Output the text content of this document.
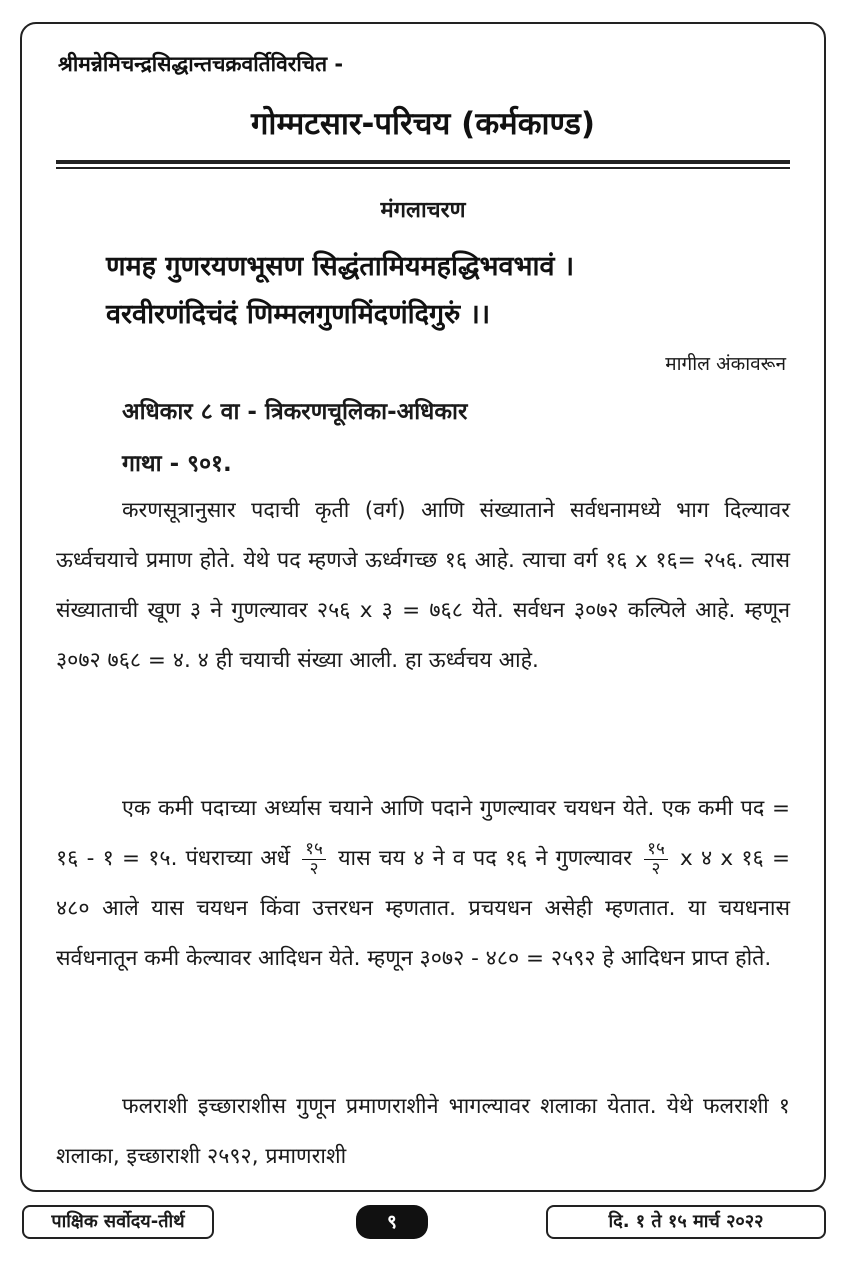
श्रीमन्नेमिचन्द्रसिद्धान्तचक्रवर्तिविरचित -
गोम्मटसार-परिचय (कर्मकाण्ड)
मंगलाचरण
णमह गुणरयणभूसण सिद्धंतामियमहद्धिभवभावं ।
वरवीरणंदिचंदं णिम्मलगुणमिंदणंदिगुरुं ।।
मागील अंकावरून
अधिकार ८ वा - त्रिकरणचूलिका-अधिकार
गाथा - ९०१.
करणसूत्रानुसार पदाची कृती (वर्ग) आणि संख्याताने सर्वधनामध्ये भाग दिल्यावर ऊर्ध्वचयाचे प्रमाण होते. येथे पद म्हणजे ऊर्ध्वगच्छ १६ आहे. त्याचा वर्ग १६ x १६= २५६. त्यास संख्याताची खूण ३ ने गुणल्यावर २५६ x ३ = ७६८ येते. सर्वधन ३०७२ कल्पिले आहे. म्हणून ३०७२ ७६८ = ४. ४ ही चयाची संख्या आली. हा ऊर्ध्वचय आहे.
एक कमी पदाच्या अर्ध्यास चयाने आणि पदाने गुणल्यावर चयधन येते. एक कमी पद = १६ - १ = १५. पंधराच्या अर्धे $\frac{१५}{२}$ यास चय ४ ने व पद १६ ने गुणल्यावर $\frac{१५}{२}$ x ४ x १६ = ४८० आले यास चयधन किंवा उत्तरधन म्हणतात. प्रचयधन असेही म्हणतात. या चयधनास सर्वधनातून कमी केल्यावर आदिधन येते. म्हणून ३०७२ - ४८० = २५९२ हे आदिधन प्राप्त होते.
फलराशी इच्छाराशीस गुणून प्रमाणराशीने भागल्यावर शलाका येतात. येथे फलराशी १ शलाका, इच्छाराशी २५९२, प्रमाणराशी
पाक्षिक सर्वोदय-तीर्थ	९	दि. १ ते १५ मार्च २०२२
